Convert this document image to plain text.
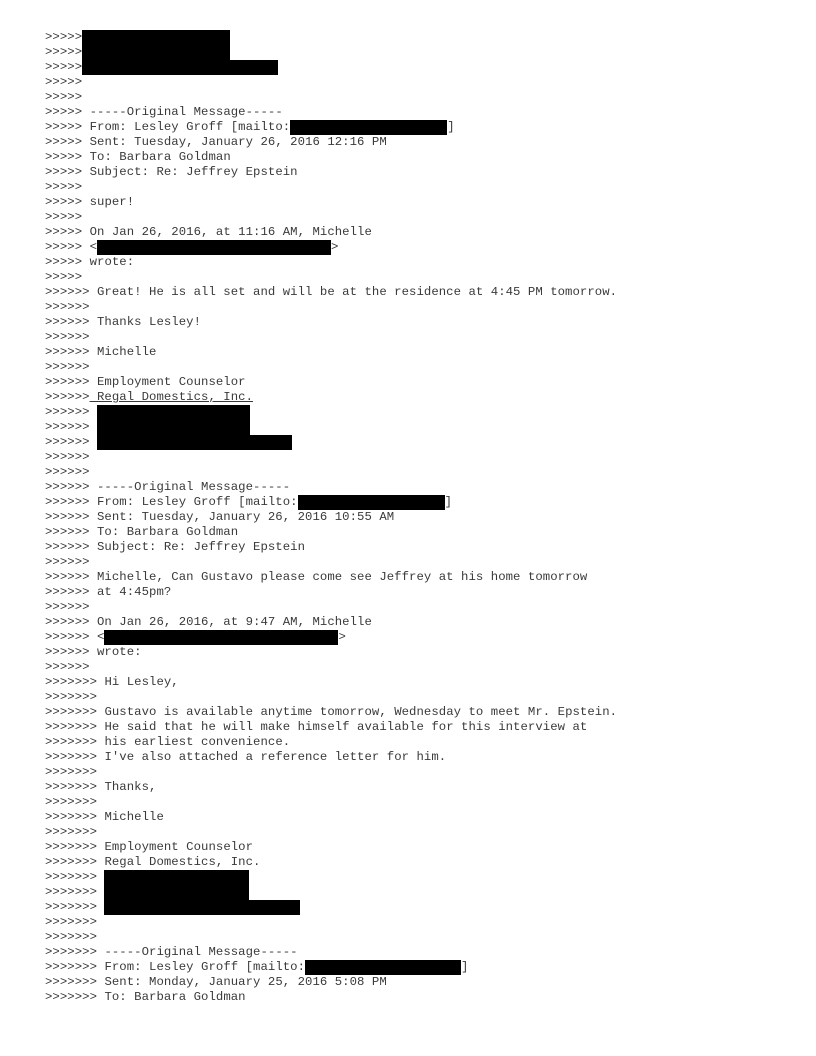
>>>>>
>>>>>
>>>>>
>>>>>
>>>>>
>>>>> -----Original Message-----
>>>>> From: Lesley Groff [mailto:	]
>>>>> Sent: Tuesday, January 26, 2016 12:16 PM
>>>>> To: Barbara Goldman
>>>>> Subject: Re: Jeffrey Epstein
>>>>>
>>>>> super!
>>>>>
>>>>> On Jan 26, 2016, at 11:16 AM, Michelle
>>>>> <	>
>>>>> wrote:
>>>>>
>>>>>> Great! He is all set and will be at the residence at 4:45 PM tomorrow.
>>>>>>
>>>>>> Thanks Lesley!
>>>>>>
>>>>>> Michelle
>>>>>>
>>>>>> Employment Counselor
>>>>>> Regal Domestics, Inc.
>>>>>>
>>>>>>
>>>>>>
>>>>>>
>>>>>>
>>>>>> -----Original Message-----
>>>>>> From: Lesley Groff [mailto:	]
>>>>>> Sent: Tuesday, January 26, 2016 10:55 AM
>>>>>> To: Barbara Goldman
>>>>>> Subject: Re: Jeffrey Epstein
>>>>>>
>>>>>> Michelle, Can Gustavo please come see Jeffrey at his home tomorrow
>>>>>> at 4:45pm?
>>>>>>
>>>>>> On Jan 26, 2016, at 9:47 AM, Michelle
>>>>>> <	>
>>>>>> wrote:
>>>>>>
>>>>>>> Hi Lesley,
>>>>>>>
>>>>>>> Gustavo is available anytime tomorrow, Wednesday to meet Mr. Epstein.
>>>>>>> He said that he will make himself available for this interview at
>>>>>>> his earliest convenience.
>>>>>>> I've also attached a reference letter for him.
>>>>>>>
>>>>>>> Thanks,
>>>>>>>
>>>>>>> Michelle
>>>>>>>
>>>>>>> Employment Counselor
>>>>>>> Regal Domestics, Inc.
>>>>>>>
>>>>>>>
>>>>>>>
>>>>>>>
>>>>>>>
>>>>>>> -----Original Message-----
>>>>>>> From: Lesley Groff [mailto:	]
>>>>>>> Sent: Monday, January 25, 2016 5:08 PM
>>>>>>> To: Barbara Goldman
